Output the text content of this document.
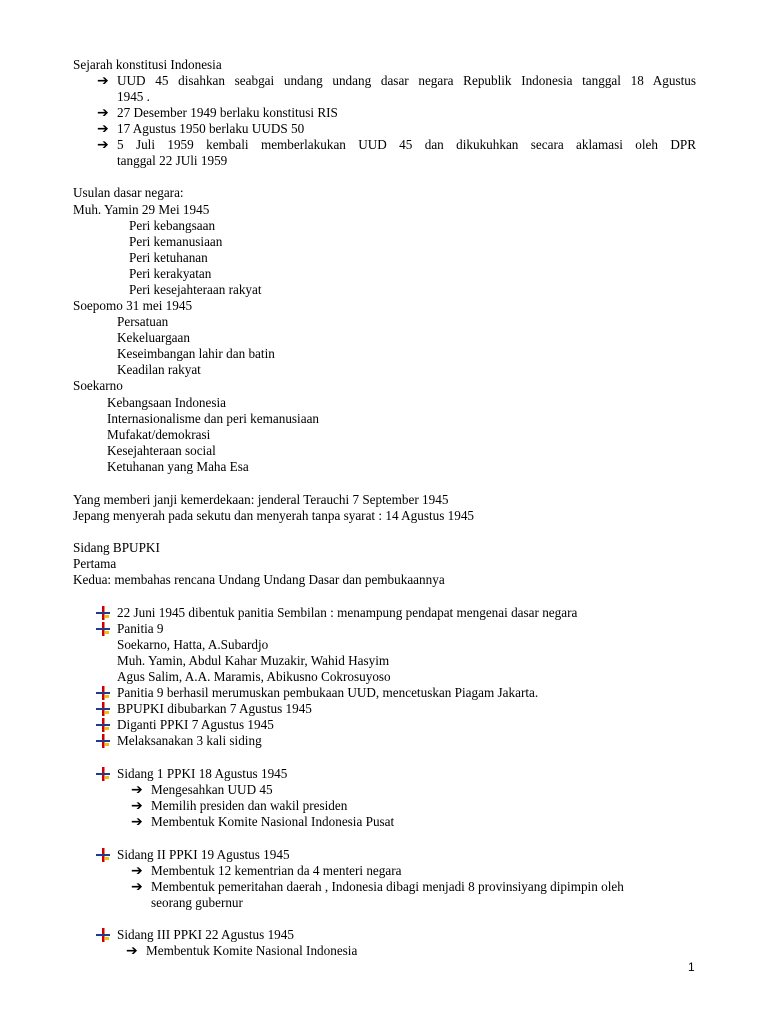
Sejarah konstitusi Indonesia
➔ UUD 45 disahkan seabgai undang undang dasar negara Republik Indonesia tanggal 18 Agustus
1945 .
➔ 27 Desember 1949 berlaku konstitusi RIS
➔ 17 Agustus 1950 berlaku UUDS 50
➔ 5 Juli 1959 kembali memberlakukan UUD 45 dan dikukuhkan secara aklamasi oleh DPR
tanggal 22 JUli 1959
Usulan dasar negara:
Muh. Yamin 29 Mei 1945
Peri kebangsaan
Peri kemanusiaan
Peri ketuhanan
Peri kerakyatan
Peri kesejahteraan rakyat
Soepomo 31 mei 1945
Persatuan
Kekeluargaan
Keseimbangan lahir dan batin
Keadilan rakyat
Soekarno
Kebangsaan Indonesia
Internasionalisme dan peri kemanusiaan
Mufakat/demokrasi
Kesejahteraan social
Ketuhanan yang Maha Esa
Yang memberi janji kemerdekaan: jenderal Terauchi 7 September 1945
Jepang menyerah pada sekutu dan menyerah tanpa syarat : 14 Agustus 1945
Sidang BPUPKI
Pertama
Kedua: membahas rencana Undang Undang Dasar dan pembukaannya
22 Juni 1945 dibentuk panitia Sembilan : menampung pendapat mengenai dasar negara
Panitia 9
Soekarno, Hatta, A.Subardjo
Muh. Yamin, Abdul Kahar Muzakir, Wahid Hasyim
Agus Salim, A.A. Maramis, Abikusno Cokrosuyoso
Panitia 9 berhasil merumuskan pembukaan UUD, mencetuskan Piagam Jakarta.
BPUPKI dibubarkan 7 Agustus 1945
Diganti PPKI 7 Agustus 1945
Melaksanakan 3 kali siding
Sidang 1 PPKI 18 Agustus 1945
➔ Mengesahkan UUD 45
➔ Memilih presiden dan wakil presiden
➔ Membentuk Komite Nasional Indonesia Pusat
Sidang II PPKI 19 Agustus 1945
➔ Membentuk 12 kementrian da 4 menteri negara
➔ Membentuk pemeritahan daerah , Indonesia dibagi menjadi 8 provinsiyang dipimpin oleh
seorang gubernur
Sidang III PPKI 22 Agustus 1945
➔ Membentuk Komite Nasional Indonesia
1
